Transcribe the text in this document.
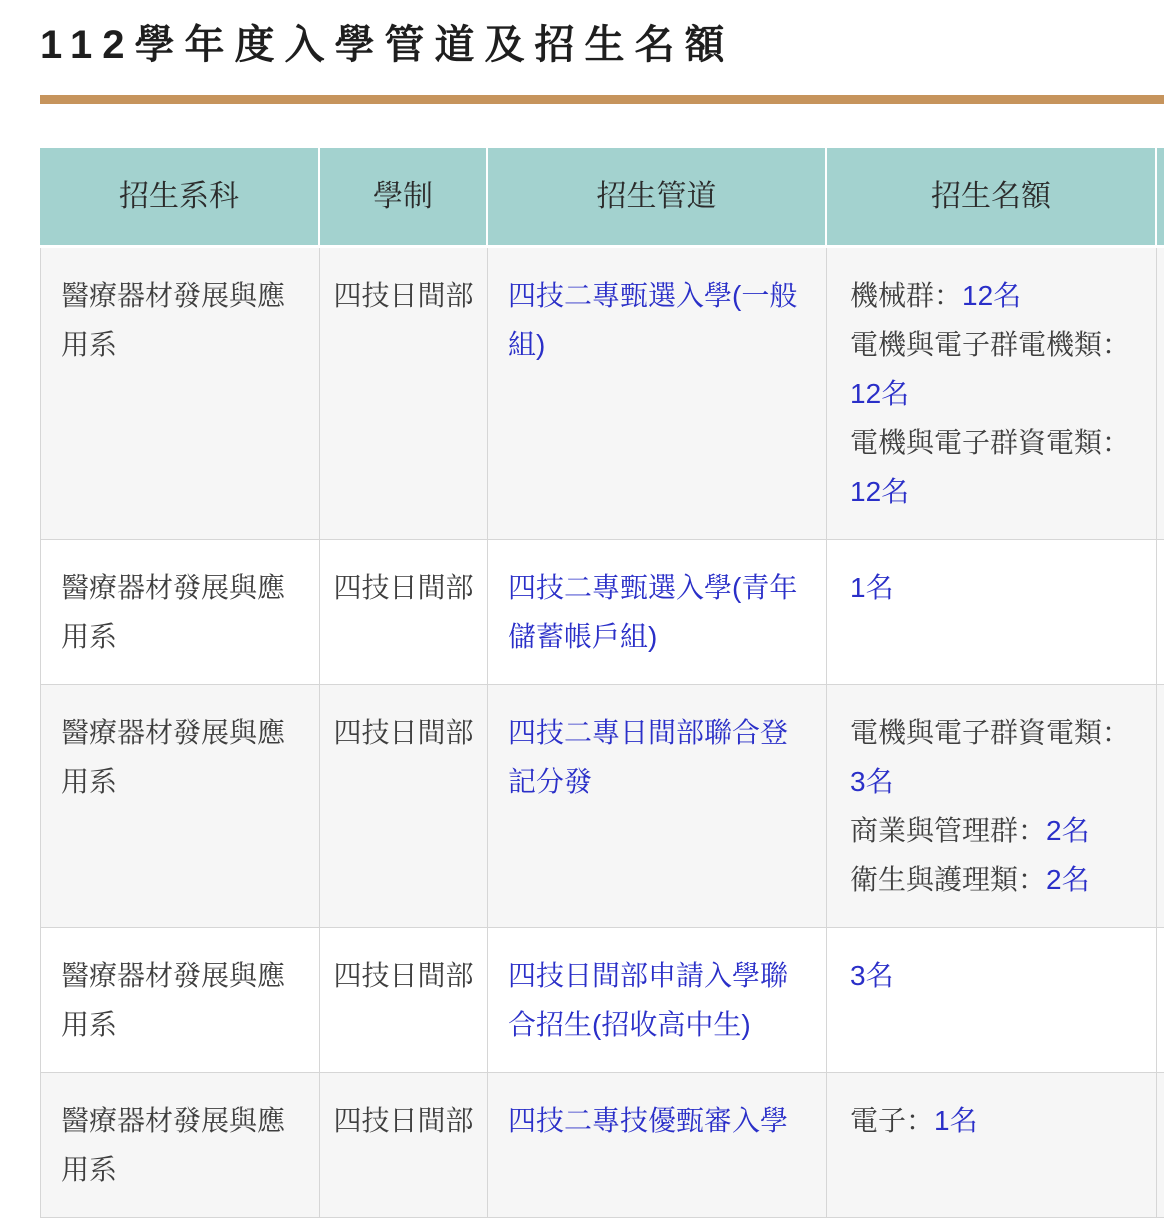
112學年度入學管道及招生名額
招生系科	學制	招生管道	招生名額	
醫療器材發展與應用系	四技日間部	四技二專甄選入學(一般組)	機械群：12名
電機與電子群電機類：12名
電機與電子群資電類：12名	

醫療器材發展與應用系	四技日間部	四技二專甄選入學(青年儲蓄帳戶組)	1名	

醫療器材發展與應用系	四技日間部	四技二專日間部聯合登記分發	電機與電子群資電類：3名
商業與管理群：2名
衛生與護理類：2名	

醫療器材發展與應用系	四技日間部	四技日間部申請入學聯合招生(招收高中生)	3名	

醫療器材發展與應用系	四技日間部	四技二專技優甄審入學	電子：1名	
